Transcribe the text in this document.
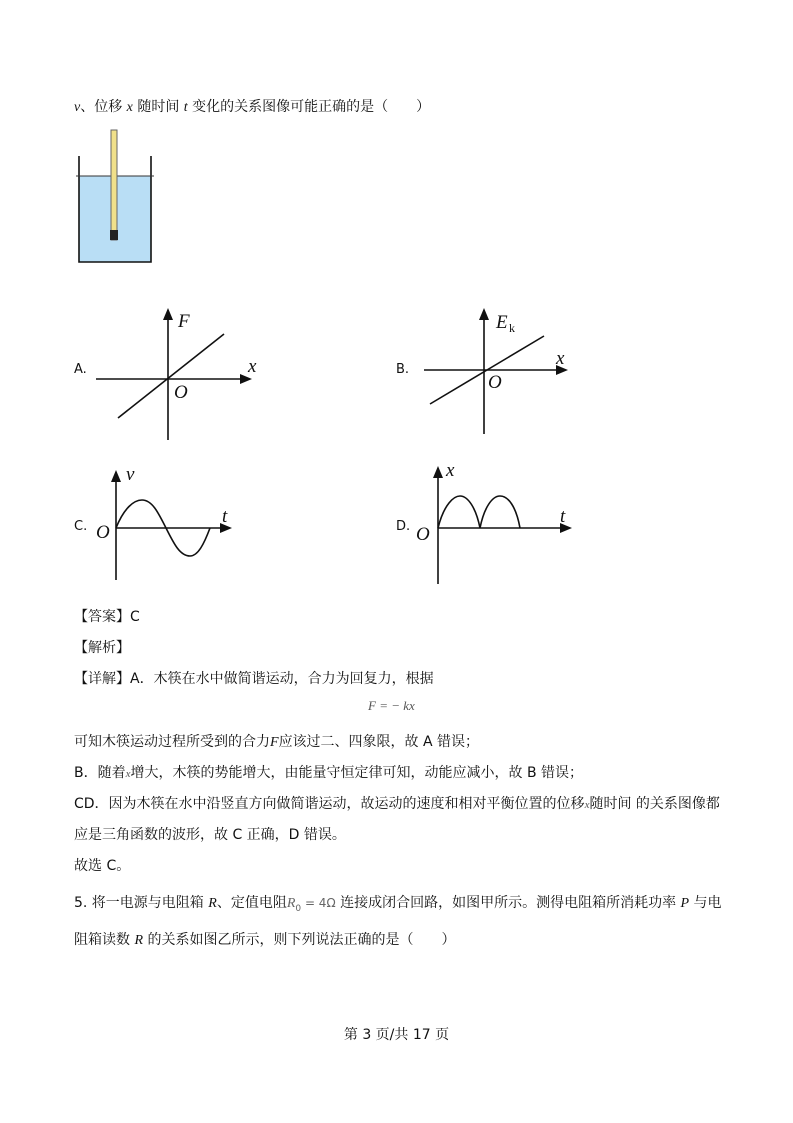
v、位移 x 随时间 t 变化的关系图像可能正确的是（　　）
A.
F
x
O
B.
E k
x
O
C.
v
t
O	D.
x
t
O
【答案】C
【解析】
【详解】A．木筷在水中做简谐运动，合力为回复力，根据
F = − kx
可知木筷运动过程所受到的合力F应该过二、四象限，故 A 错误；
B．随着x增大，木筷的势能增大，由能量守恒定律可知，动能应减小，故 B 错误；
CD．因为木筷在水中沿竖直方向做简谐运动，故运动的速度和相对平衡位置的位移x随时间 的关系图像都
应是三角函数的波形，故 C 正确，D 错误。
故选 C。
5. 将一电源与电阻箱 R、定值电阻$R_0 = 4\Omega$ 连接成闭合回路，如图甲所示。测得电阻箱所消耗功率 P 与电
阻箱读数 R 的关系如图乙所示，则下列说法正确的是（　　）
第 3 页/共 17 页
